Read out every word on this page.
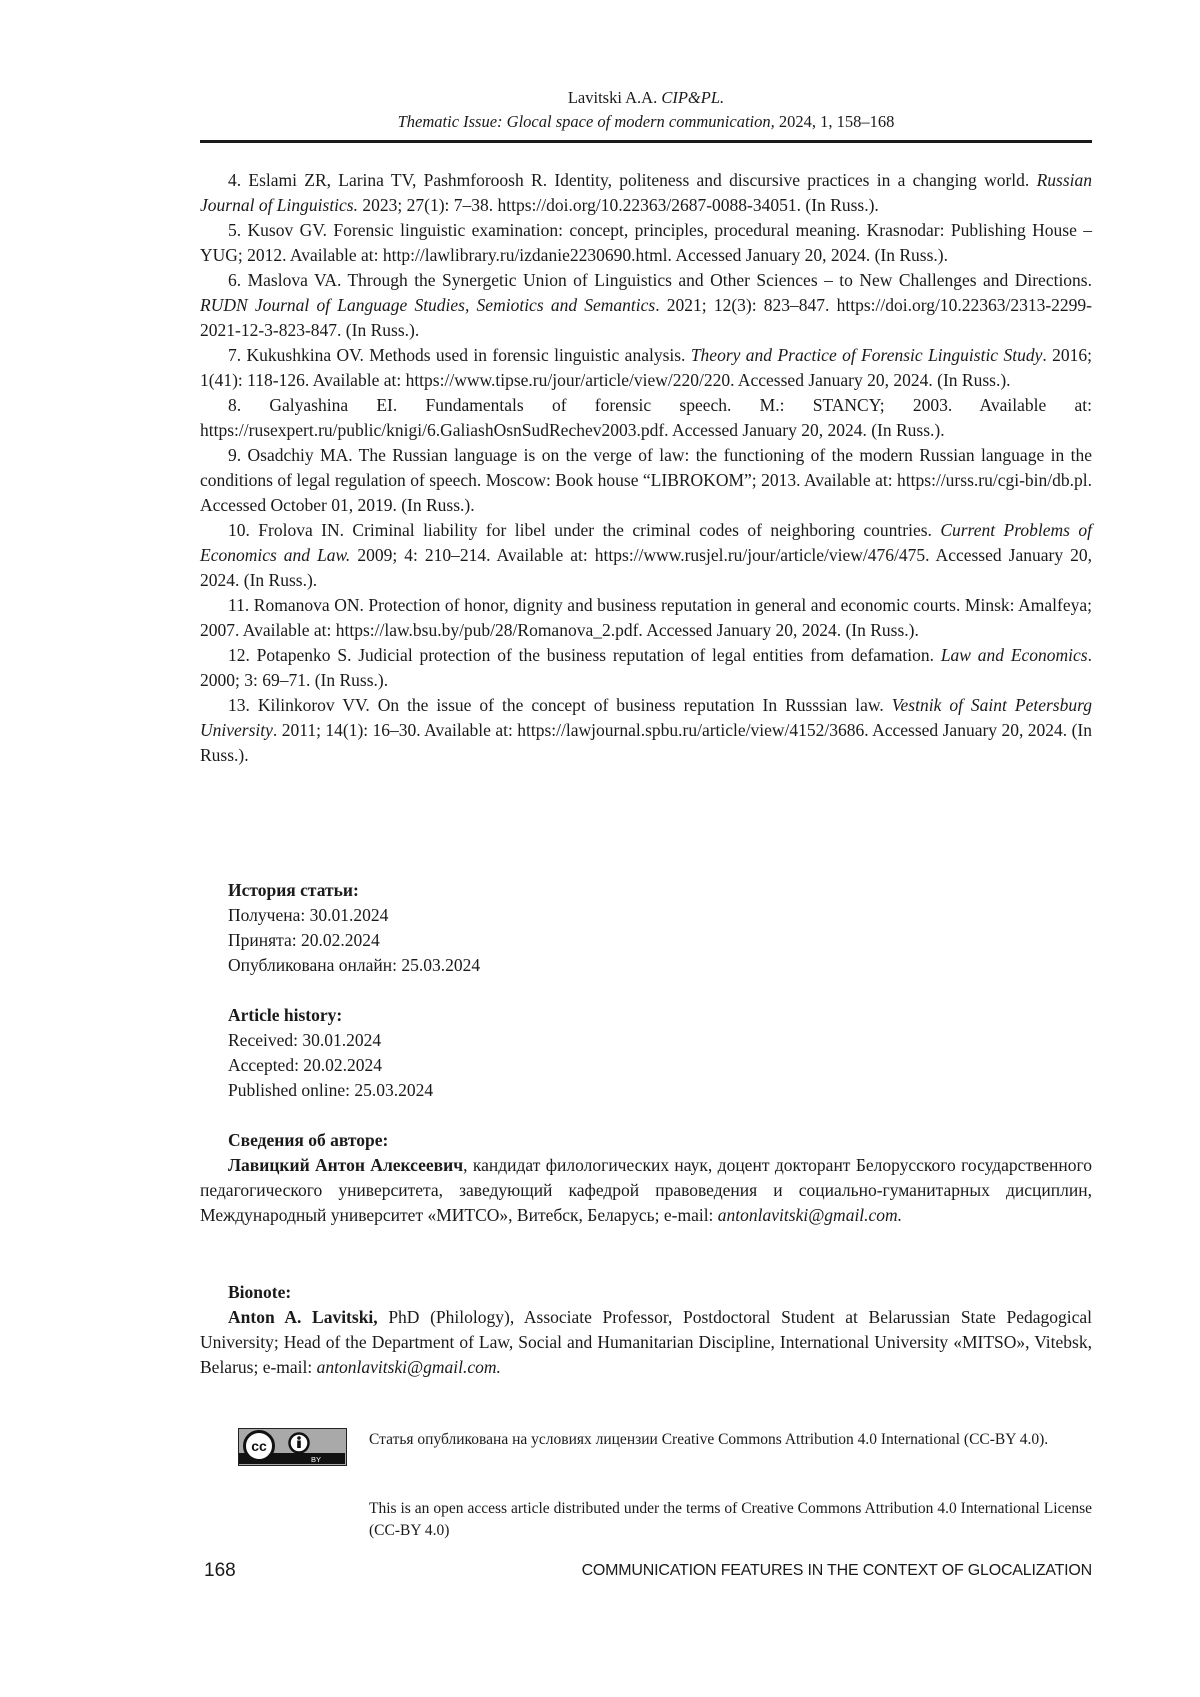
Lavitski A.A. CIP&PL.
Thematic Issue: Glocal space of modern communication, 2024, 1, 158–168

4. Eslami ZR, Larina TV, Pashmforoosh R. Identity, politeness and discursive practices in a changing world. Russian Journal of Linguistics. 2023; 27(1): 7–38. https://doi.org/10.22363/2687-0088-34051. (In Russ.).

5. Kusov GV. Forensic linguistic examination: concept, principles, procedural meaning. Krasnodar: Publishing House – YUG; 2012. Available at: http://lawlibrary.ru/izdanie2230690.html. Accessed January 20, 2024. (In Russ.).

6. Maslova VA. Through the Synergetic Union of Linguistics and Other Sciences – to New Challenges and Directions. RUDN Journal of Language Studies, Semiotics and Semantics. 2021; 12(3): 823–847. https://doi.org/10.22363/2313-2299-2021-12-3-823-847. (In Russ.).

7. Kukushkina OV. Methods used in forensic linguistic analysis. Theory and Practice of Forensic Linguistic Study. 2016; 1(41): 118-126. Available at: https://www.tipse.ru/jour/article/view/220/220. Accessed January 20, 2024. (In Russ.).

8. Galyashina EI. Fundamentals of forensic speech. M.: STANCY; 2003. Available at: https://rusexpert.ru/public/knigi/6.GaliashOsnSudRechev2003.pdf. Accessed January 20, 2024. (In Russ.).

9. Osadchiy MA. The Russian language is on the verge of law: the functioning of the modern Russian language in the conditions of legal regulation of speech. Moscow: Book house “LIBROKOM”; 2013. Available at: https://urss.ru/cgi-bin/db.pl. Accessed October 01, 2019. (In Russ.).

10. Frolova IN. Criminal liability for libel under the criminal codes of neighboring countries. Current Problems of Economics and Law. 2009; 4: 210–214. Available at: https://www.rusjel.ru/jour/article/view/476/475. Accessed January 20, 2024. (In Russ.).

11. Romanova ON. Protection of honor, dignity and business reputation in general and economic courts. Minsk: Amalfeya; 2007. Available at: https://law.bsu.by/pub/28/Romanova_2.pdf. Accessed January 20, 2024. (In Russ.).

12. Potapenko S. Judicial protection of the business reputation of legal entities from defamation. Law and Economics. 2000; 3: 69–71. (In Russ.).

13. Kilinkorov VV. On the issue of the concept of business reputation In Russsian law. Vestnik of Saint Petersburg University. 2011; 14(1): 16–30. Available at: https://lawjournal.spbu.ru/article/view/4152/3686. Accessed January 20, 2024. (In Russ.).

История статьи:

Получена: 30.01.2024

Принята: 20.02.2024

Опубликована онлайн: 25.03.2024

Article history:

Received: 30.01.2024

Accepted: 20.02.2024

Published online: 25.03.2024

Сведения об авторе:

Лавицкий Антон Алексеевич, кандидат филологических наук, доцент докторант Белорусского государственного педагогического университета, заведующий кафедрой правоведения и социально-гуманитарных дисциплин, Международный университет «МИТСО», Витебск, Беларусь; e-mail: antonlavitski@gmail.com.

Bionote:

Anton A. Lavitski, PhD (Philology), Associate Professor, Postdoctoral Student at Belarussian State Pedagogical University; Head of the Department of Law, Social and Humanitarian Discipline, International University «MITSO», Vitebsk, Belarus; e-mail: antonlavitski@gmail.com.

cc
BY

Статья опубликована на условиях лицензии Creative Commons Attribution 4.0 International (CC-BY 4.0).

This is an open access article distributed under the terms of Creative Commons Attribution 4.0 International License (CC-BY 4.0)

168	COMMUNICATION FEATURES IN THE CONTEXT OF GLOCALIZATION
